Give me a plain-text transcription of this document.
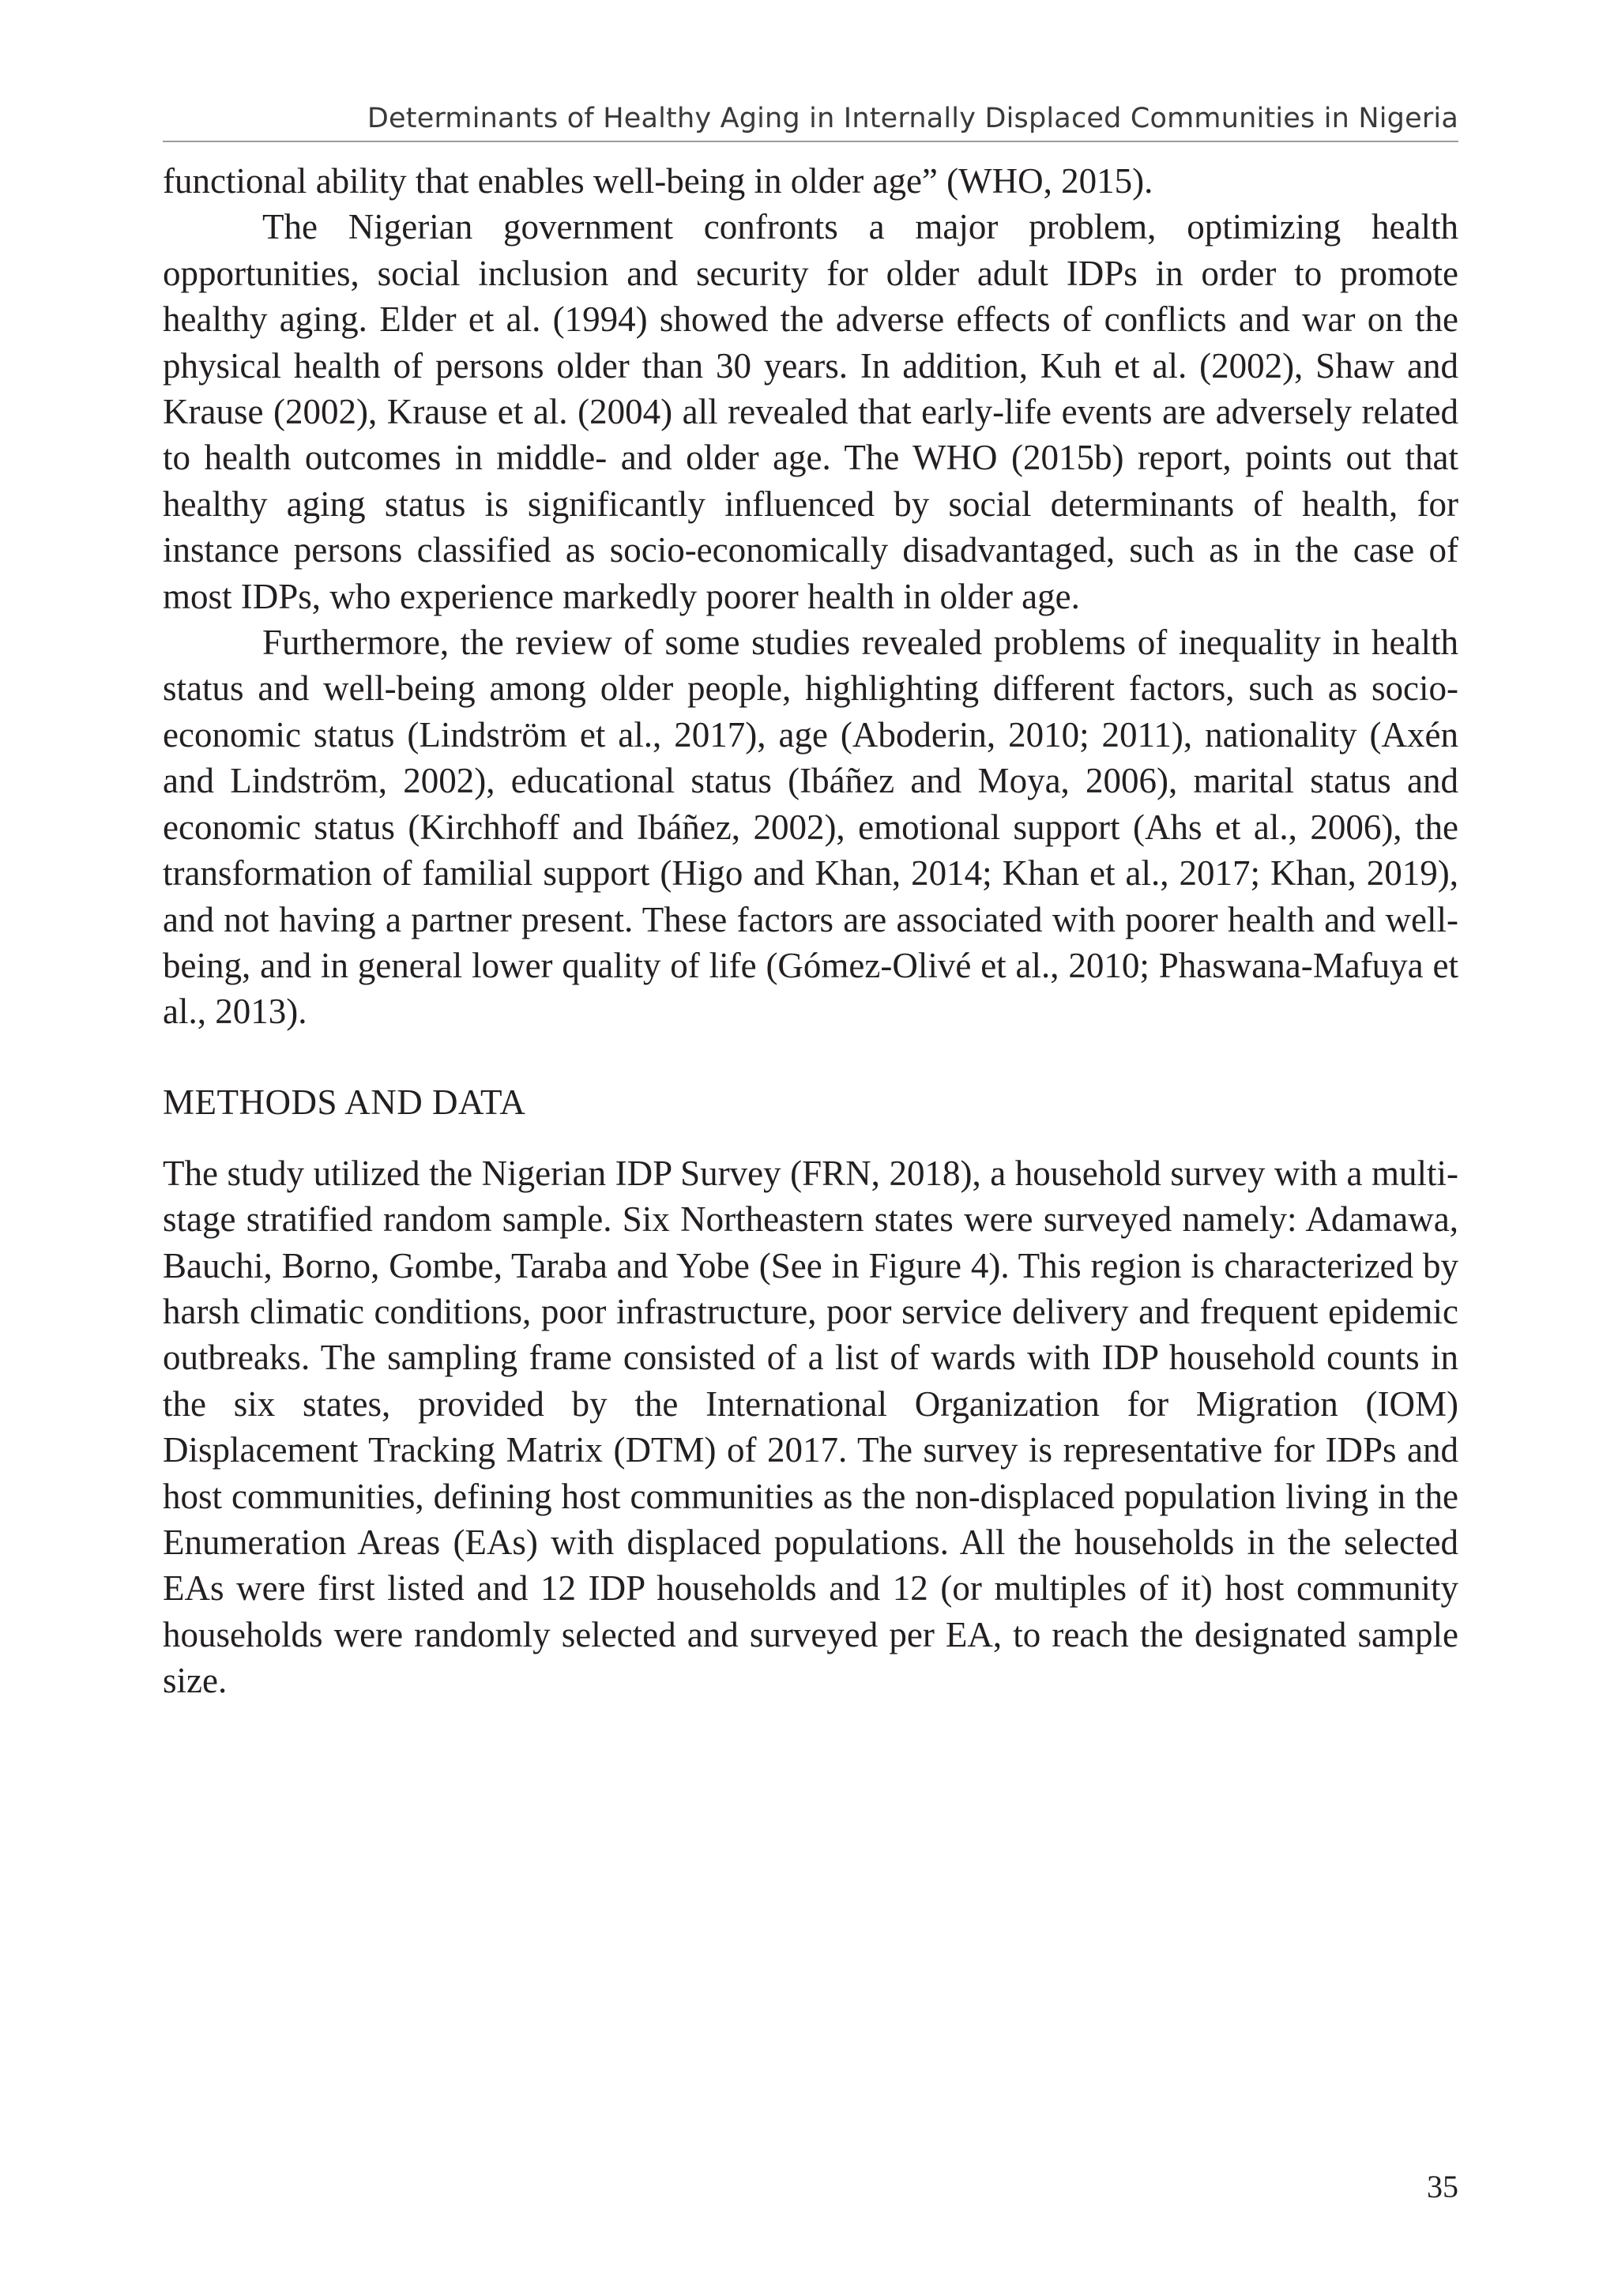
Determinants of Healthy Aging in Internally Displaced Communities in Nigeria

functional ability that enables well-being in older age” (WHO, 2015).

The Nigerian government confronts a major problem, optimizing health opportunities, social inclusion and security for older adult IDPs in order to promote healthy aging. Elder et al. (1994) showed the adverse effects of conflicts and war on the physical health of persons older than 30 years. In addition, Kuh et al. (2002), Shaw and Krause (2002), Krause et al. (2004) all revealed that early-life events are adversely related to health outcomes in middle- and older age. The WHO (2015b) report, points out that healthy aging status is significantly influenced by social determinants of health, for instance persons classified as socio-economically disadvantaged, such as in the case of most IDPs, who experience markedly poorer health in older age.

Furthermore, the review of some studies revealed problems of inequality in health status and well-being among older people, highlighting different factors, such as socio-economic status (Lindström et al., 2017), age (Aboderin, 2010; 2011), nationality (Axén and Lindström, 2002), educational status (Ibáñez and Moya, 2006), marital status and economic status (Kirchhoff and Ibáñez, 2002), emotional support (Ahs et al., 2006), the transformation of familial support (Higo and Khan, 2014; Khan et al., 2017; Khan, 2019), and not having a partner present. These factors are associated with poorer health and well-being, and in general lower quality of life (Gómez-Olivé et al., 2010; Phaswana-Mafuya et al., 2013).

METHODS AND DATA

The study utilized the Nigerian IDP Survey (FRN, 2018), a household survey with a multi-stage stratified random sample. Six Northeastern states were surveyed namely: Adamawa, Bauchi, Borno, Gombe, Taraba and Yobe (See in Figure 4). This region is characterized by harsh climatic conditions, poor infrastructure, poor service delivery and frequent epidemic outbreaks. The sampling frame consisted of a list of wards with IDP household counts in the six states, provided by the International Organization for Migration (IOM) Displacement Tracking Matrix (DTM) of 2017. The survey is representative for IDPs and host communities, defining host communities as the non-displaced population living in the Enumeration Areas (EAs) with displaced populations. All the households in the selected EAs were first listed and 12 IDP households and 12 (or multiples of it) host community households were randomly selected and surveyed per EA, to reach the designated sample size.

35
